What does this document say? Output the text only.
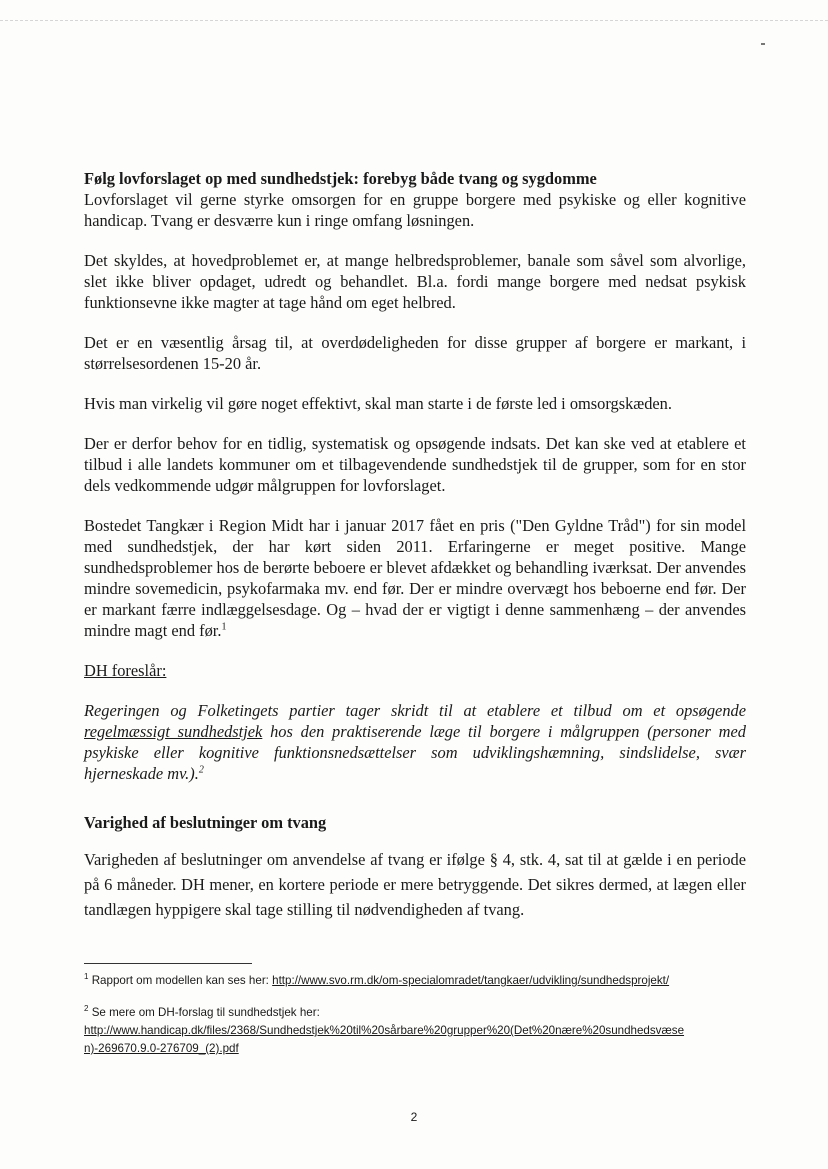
Følg lovforslaget op med sundhedstjek: forebyg både tvang og sygdomme

Lovforslaget vil gerne styrke omsorgen for en gruppe borgere med psykiske og eller kognitive handicap. Tvang er desværre kun i ringe omfang løsningen.

Det skyldes, at hovedproblemet er, at mange helbredsproblemer, banale som såvel som alvorlige, slet ikke bliver opdaget, udredt og behandlet. Bl.a. fordi mange borgere med nedsat psykisk funktionsevne ikke magter at tage hånd om eget helbred.

Det er en væsentlig årsag til, at overdødeligheden for disse grupper af borgere er markant, i størrelsesordenen 15-20 år.

Hvis man virkelig vil gøre noget effektivt, skal man starte i de første led i omsorgskæden.

Der er derfor behov for en tidlig, systematisk og opsøgende indsats. Det kan ske ved at etablere et tilbud i alle landets kommuner om et tilbagevendende sundhedstjek til de grupper, som for en stor dels vedkommende udgør målgruppen for lovforslaget.

Bostedet Tangkær i Region Midt har i januar 2017 fået en pris ("Den Gyldne Tråd") for sin model med sundhedstjek, der har kørt siden 2011. Erfaringerne er meget positive. Mange sundhedsproblemer hos de berørte beboere er blevet afdækket og behandling iværksat. Der anvendes mindre sovemedicin, psykofarmaka mv. end før. Der er mindre overvægt hos beboerne end før. Der er markant færre indlæggelsesdage. Og – hvad der er vigtigt i denne sammenhæng – der anvendes mindre magt end før.$^1$

DH foreslår:

Regeringen og Folketingets partier tager skridt til at etablere et tilbud om et opsøgende regelmæssigt sundhedstjek hos den praktiserende læge til borgere i målgruppen (personer med psykiske eller kognitive funktionsnedsættelser som udviklingshæmning, sindslidelse, svær hjerneskade mv.).$^2$

Varighed af beslutninger om tvang

Varigheden af beslutninger om anvendelse af tvang er ifølge § 4, stk. 4, sat til at gælde i en periode på 6 måneder. DH mener, en kortere periode er mere betryggende. Det sikres dermed, at lægen eller tandlægen hyppigere skal tage stilling til nødvendigheden af tvang.

$^1$ Rapport om modellen kan ses her: http://www.svo.rm.dk/om-specialomradet/tangkaer/udvikling/sundhedsprojekt/
$^2$ Se mere om DH-forslag til sundhedstjek her:
http://www.handicap.dk/files/2368/Sundhedstjek%20til%20sårbare%20grupper%20(Det%20nære%20sundhedsvæse
n)-269670.9.0-276709_(2).pdf
2
